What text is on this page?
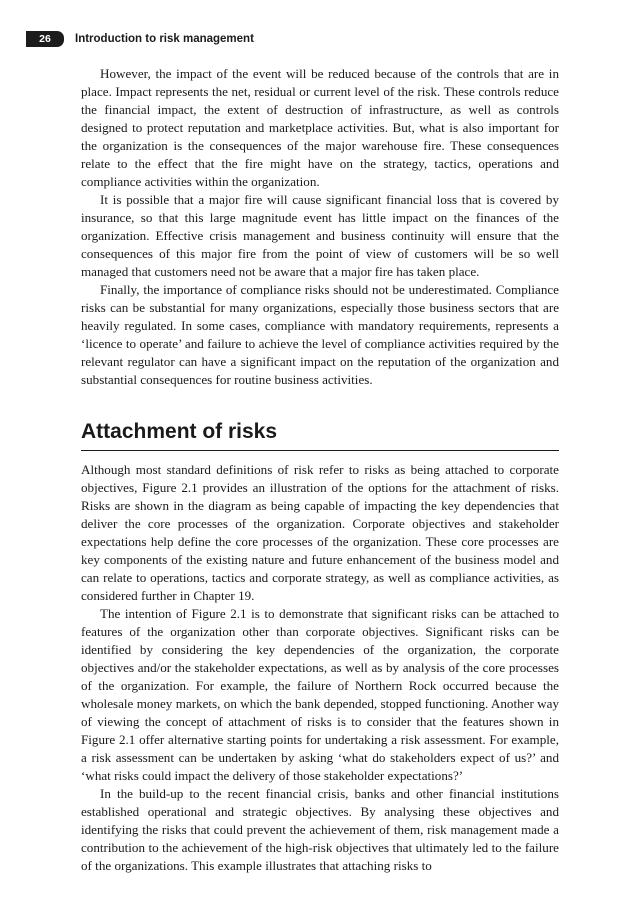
26	Introduction to risk management

However, the impact of the event will be reduced because of the controls that are in place. Impact represents the net, residual or current level of the risk. These controls reduce the financial impact, the extent of destruction of infrastructure, as well as controls designed to protect reputation and marketplace activities. But, what is also important for the organization is the consequences of the major warehouse fire. These consequences relate to the effect that the fire might have on the strategy, tactics, operations and compliance activities within the organization.

It is possible that a major fire will cause significant financial loss that is covered by insurance, so that this large magnitude event has little impact on the finances of the organization. Effective crisis management and business continuity will ensure that the consequences of this major fire from the point of view of customers will be so well managed that customers need not be aware that a major fire has taken place.

Finally, the importance of compliance risks should not be underestimated. Compliance risks can be substantial for many organizations, especially those business sectors that are heavily regulated. In some cases, compliance with mandatory requirements, represents a ‘licence to operate’ and failure to achieve the level of compliance activities required by the relevant regulator can have a significant impact on the reputation of the organization and substantial consequences for routine business activities.

Attachment of risks

Although most standard definitions of risk refer to risks as being attached to corporate objectives, Figure 2.1 provides an illustration of the options for the attachment of risks. Risks are shown in the diagram as being capable of impacting the key dependencies that deliver the core processes of the organization. Corporate objectives and stakeholder expectations help define the core processes of the organization. These core processes are key components of the existing nature and future enhancement of the business model and can relate to operations, tactics and corporate strategy, as well as compliance activities, as considered further in Chapter 19.

The intention of Figure 2.1 is to demonstrate that significant risks can be attached to features of the organization other than corporate objectives. Significant risks can be identified by considering the key dependencies of the organization, the corporate objectives and/or the stakeholder expectations, as well as by analysis of the core processes of the organization. For example, the failure of Northern Rock occurred because the wholesale money markets, on which the bank depended, stopped functioning. Another way of viewing the concept of attachment of risks is to consider that the features shown in Figure 2.1 offer alternative starting points for undertaking a risk assessment. For example, a risk assessment can be undertaken by asking ‘what do stakeholders expect of us?’ and ‘what risks could impact the delivery of those stakeholder expectations?’

In the build-up to the recent financial crisis, banks and other financial institutions established operational and strategic objectives. By analysing these objectives and identifying the risks that could prevent the achievement of them, risk management made a contribution to the achievement of the high-risk objectives that ultimately led to the failure of the organizations. This example illustrates that attaching risks to
